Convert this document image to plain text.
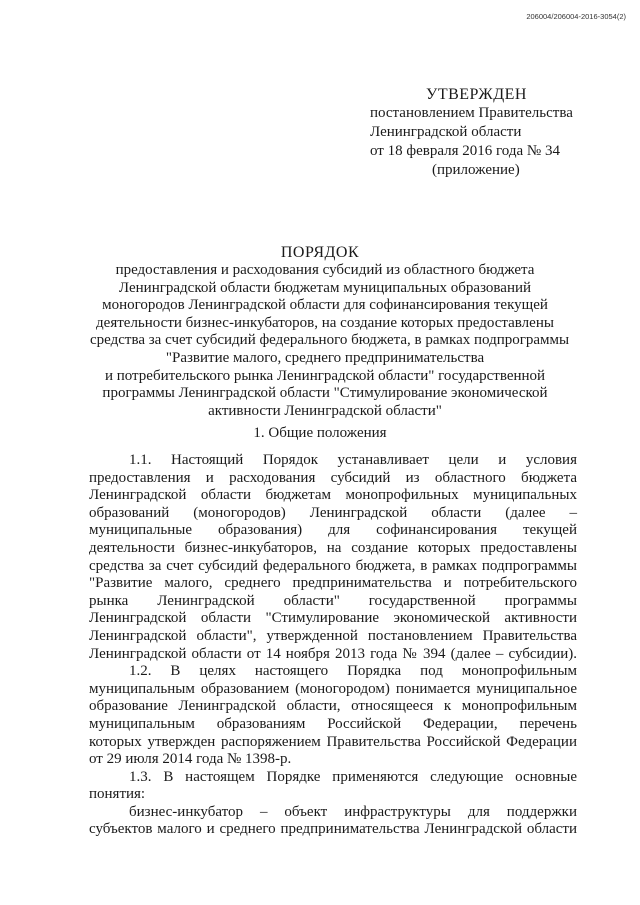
206004/206004-2016-3054(2)
УТВЕРЖДЕН
постановлением Правительства
Ленинградской области
от 18 февраля 2016 года № 34
(приложение)
ПОРЯДОК
предоставления и расходования субсидий из областного бюджета
Ленинградской области бюджетам муниципальных образований
моногородов Ленинградской области для софинансирования текущей
деятельности бизнес-инкубаторов, на создание которых предоставлены
средства за счет субсидий федерального бюджета, в рамках подпрограммы
"Развитие малого, среднего предпринимательства
и потребительского рынка Ленинградской области" государственной
программы Ленинградской области "Стимулирование экономической
активности Ленинградской области"
1. Общие положения

1.1. Настоящий Порядок устанавливает цели и условия
предоставления и расходования субсидий из областного бюджета
Ленинградской области бюджетам монопрофильных муниципальных
образований (моногородов) Ленинградской области (далее –
муниципальные образования) для софинансирования текущей
деятельности бизнес-инкубаторов, на создание которых предоставлены
средства за счет субсидий федерального бюджета, в рамках подпрограммы
"Развитие малого, среднего предпринимательства и потребительского
рынка Ленинградской области" государственной программы
Ленинградской области "Стимулирование экономической активности
Ленинградской области", утвержденной постановлением Правительства
Ленинградской области от 14 ноября 2013 года № 394 (далее – субсидии).

1.2. В целях настоящего Порядка под монопрофильным
муниципальным образованием (моногородом) понимается муниципальное
образование Ленинградской области, относящееся к монопрофильным
муниципальным образованиям Российской Федерации, перечень
которых утвержден распоряжением Правительства Российской Федерации
от 29 июля 2014 года № 1398-р.

1.3. В настоящем Порядке применяются следующие основные
понятия:

бизнес-инкубатор – объект инфраструктуры для поддержки
субъектов малого и среднего предпринимательства Ленинградской области
